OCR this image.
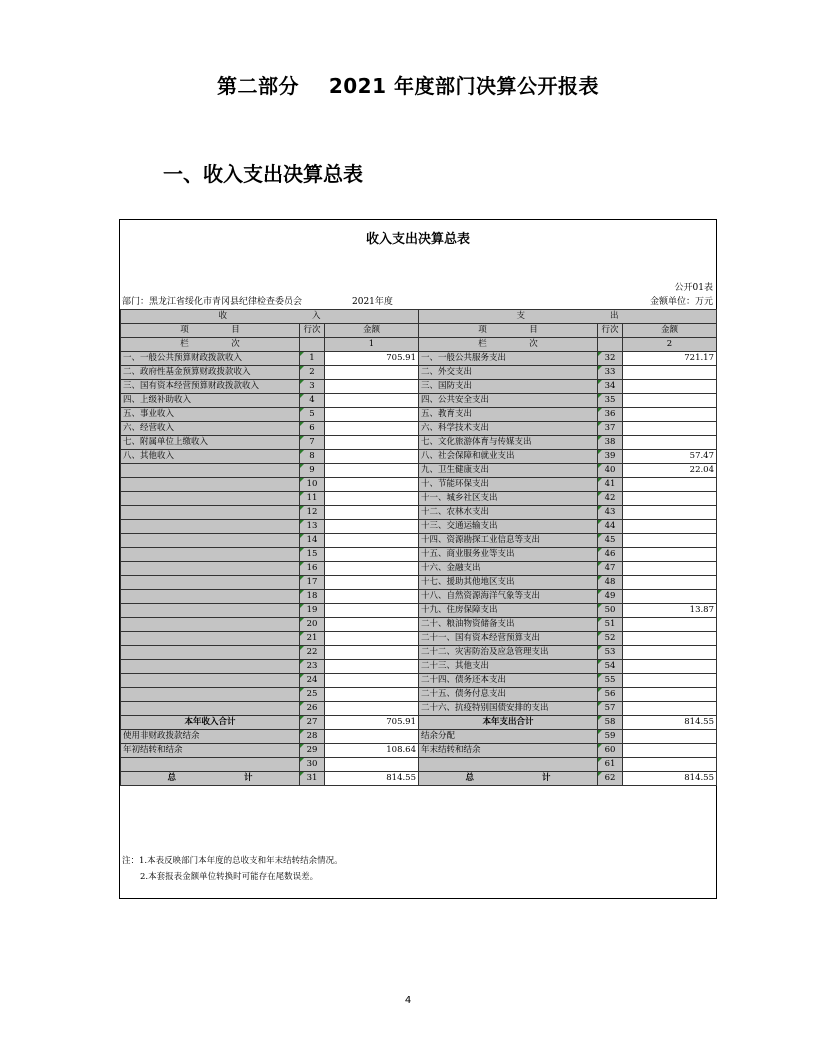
第二部分    2021 年度部门决算公开报表
一、收入支出决算总表
收入支出决算总表
公开01表
部门：黑龙江省绥化市青冈县纪律检查委员会	2021年度	金额单位：万元
收　　　　　　　　　　入			支　　　　　　　　　　出		
项　　　　　目	行次	金额	项　　　　　目	行次	金额
栏　　　　　次		1	栏　　　　　次		2
一、一般公共预算财政拨款收入	1	705.91	一、一般公共服务支出	32	721.17
二、政府性基金预算财政拨款收入	2		二、外交支出	33	
三、国有资本经营预算财政拨款收入	3		三、国防支出	34	
四、上级补助收入	4		四、公共安全支出	35	
五、事业收入	5		五、教育支出	36	
六、经营收入	6		六、科学技术支出	37	
七、附属单位上缴收入	7		七、文化旅游体育与传媒支出	38	
八、其他收入	8		八、社会保障和就业支出	39	57.47
	9		九、卫生健康支出	40	22.04
	10		十、节能环保支出	41	
	11		十一、城乡社区支出	42	
	12		十二、农林水支出	43	
	13		十三、交通运输支出	44	
	14		十四、资源勘探工业信息等支出	45	
	15		十五、商业服务业等支出	46	
	16		十六、金融支出	47	
	17		十七、援助其他地区支出	48	
	18		十八、自然资源海洋气象等支出	49	
	19		十九、住房保障支出	50	13.87
	20		二十、粮油物资储备支出	51	
	21		二十一、国有资本经营预算支出	52	
	22		二十二、灾害防治及应急管理支出	53	
	23		二十三、其他支出	54	
	24		二十四、债务还本支出	55	
	25		二十五、债务付息支出	56	
	26		二十六、抗疫特别国债安排的支出	57	
本年收入合计	27	705.91	本年支出合计	58	814.55
使用非财政拨款结余	28		结余分配	59	
年初结转和结余	29	108.64	年末结转和结余	60	
	30			61	
总　　　　　　　　计	31	814.55	总　　　　　　　　计	62	814.55
注：1.本表反映部门本年度的总收支和年末结转结余情况。
2.本套报表金额单位转换时可能存在尾数误差。
4
